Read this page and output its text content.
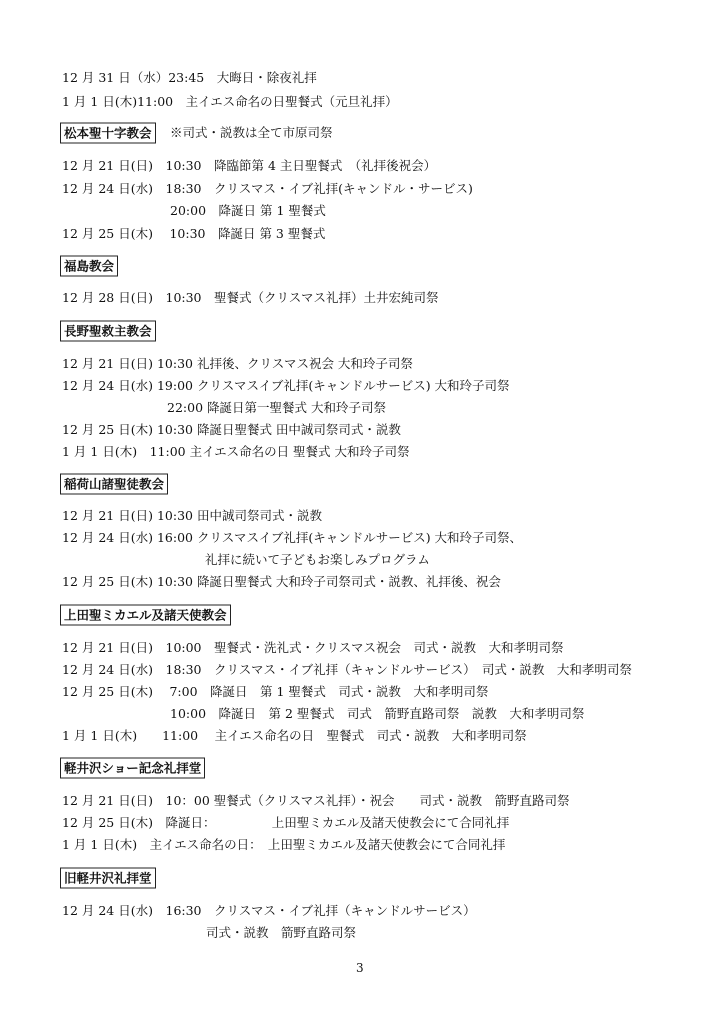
12 月 31 日（水）23:45　大晦日・除夜礼拝
1 月 1 日(木)11:00　主イエス命名の日聖餐式（元旦礼拝）
松本聖十字教会	※司式・説教は全て市原司祭
12 月 21 日(日)　10:30　降臨節第 4 主日聖餐式　（礼拝後祝会）
12 月 24 日(水)　18:30　クリスマス・イブ礼拝(キャンドル・サービス)
20:00　降誕日 第 1 聖餐式
12 月 25 日(木)　 10:30　降誕日 第 3 聖餐式
福島教会
12 月 28 日(日)　10:30　聖餐式（クリスマス礼拝）土井宏純司祭
長野聖救主教会
12 月 21 日(日) 10:30 礼拝後、クリスマス祝会 大和玲子司祭
12 月 24 日(水) 19:00 クリスマスイブ礼拝(キャンドルサービス) 大和玲子司祭
22:00 降誕日第一聖餐式 大和玲子司祭
12 月 25 日(木) 10:30 降誕日聖餐式 田中誠司祭司式・説教
1 月 1 日(木)　11:00 主イエス命名の日 聖餐式 大和玲子司祭
稲荷山諸聖徒教会
12 月 21 日(日) 10:30 田中誠司祭司式・説教
12 月 24 日(水) 16:00 クリスマスイブ礼拝(キャンドルサービス) 大和玲子司祭、
礼拝に続いて子どもお楽しみプログラム
12 月 25 日(木) 10:30 降誕日聖餐式 大和玲子司祭司式・説教、礼拝後、祝会
上田聖ミカエル及諸天使教会
12 月 21 日(日)　10:00　聖餐式・洗礼式・クリスマス祝会　司式・説教　大和孝明司祭
12 月 24 日(水)　18:30　クリスマス・イブ礼拝（キャンドルサービス）　司式・説教　大和孝明司祭
12 月 25 日(木)　 7:00　降誕日　第 1 聖餐式　司式・説教　大和孝明司祭
10:00　降誕日　第 2 聖餐式　司式　箭野直路司祭　説教　大和孝明司祭
1 月 1 日(木)　　11:00　 主イエス命名の日　聖餐式　司式・説教　大和孝明司祭
軽井沢ショー記念礼拝堂
12 月 21 日(日)　10：00 聖餐式（クリスマス礼拝）・祝会　　司式・説教　箭野直路司祭
12 月 25 日(木)　降誕日：　　　　　上田聖ミカエル及諸天使教会にて合同礼拝
1 月 1 日(木)　主イエス命名の日：　上田聖ミカエル及諸天使教会にて合同礼拝
旧軽井沢礼拝堂
12 月 24 日(水)　16:30　クリスマス・イブ礼拝（キャンドルサービス）
司式・説教　箭野直路司祭
3
